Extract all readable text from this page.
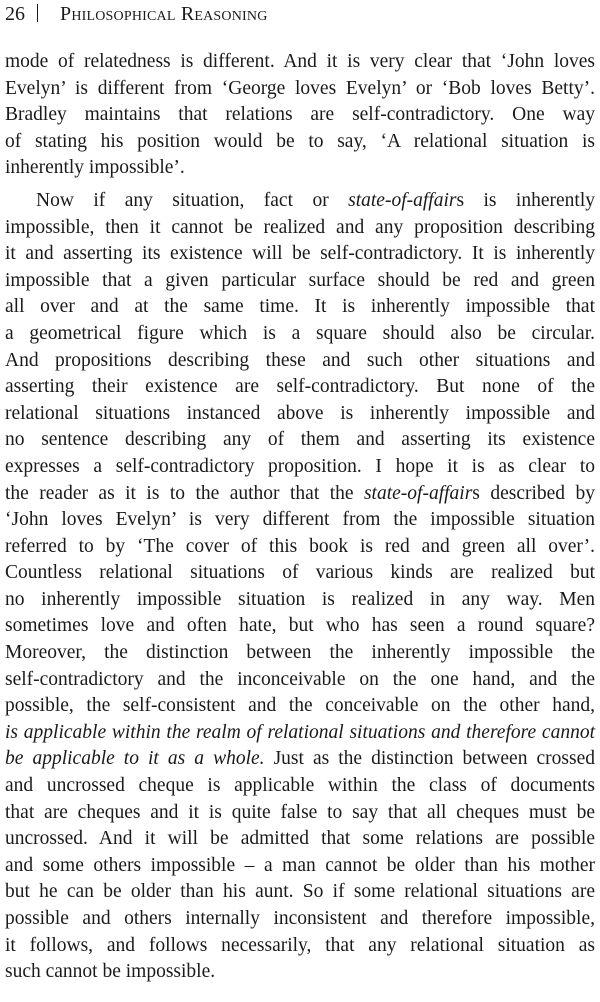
26 Philosophical Reasoning
mode of relatedness is different. And it is very clear that ‘John loves
Evelyn’ is different from ‘George loves Evelyn’ or ‘Bob loves Betty’.
Bradley maintains that relations are self-contradictory. One way
of stating his position would be to say, ‘A relational situation is
inherently impossible’.
Now if any situation, fact or state-of-affairs is inherently
impossible, then it cannot be realized and any proposition describing
it and asserting its existence will be self-contradictory. It is inherently
impossible that a given particular surface should be red and green
all over and at the same time. It is inherently impossible that
a geometrical figure which is a square should also be circular.
And propositions describing these and such other situations and
asserting their existence are self-contradictory. But none of the
relational situations instanced above is inherently impossible and
no sentence describing any of them and asserting its existence
expresses a self-contradictory proposition. I hope it is as clear to
the reader as it is to the author that the state-of-affairs described by
‘John loves Evelyn’ is very different from the impossible situation
referred to by ‘The cover of this book is red and green all over’.
Countless relational situations of various kinds are realized but
no inherently impossible situation is realized in any way. Men
sometimes love and often hate, but who has seen a round square?
Moreover, the distinction between the inherently impossible the
self-contradictory and the inconceivable on the one hand, and the
possible, the self-consistent and the conceivable on the other hand,
is applicable within the realm of relational situations and therefore cannot
be applicable to it as a whole. Just as the distinction between crossed
and uncrossed cheque is applicable within the class of documents
that are cheques and it is quite false to say that all cheques must be
uncrossed. And it will be admitted that some relations are possible
and some others impossible – a man cannot be older than his mother
but he can be older than his aunt. So if some relational situations are
possible and others internally inconsistent and therefore impossible,
it follows, and follows necessarily, that any relational situation as
such cannot be impossible.
